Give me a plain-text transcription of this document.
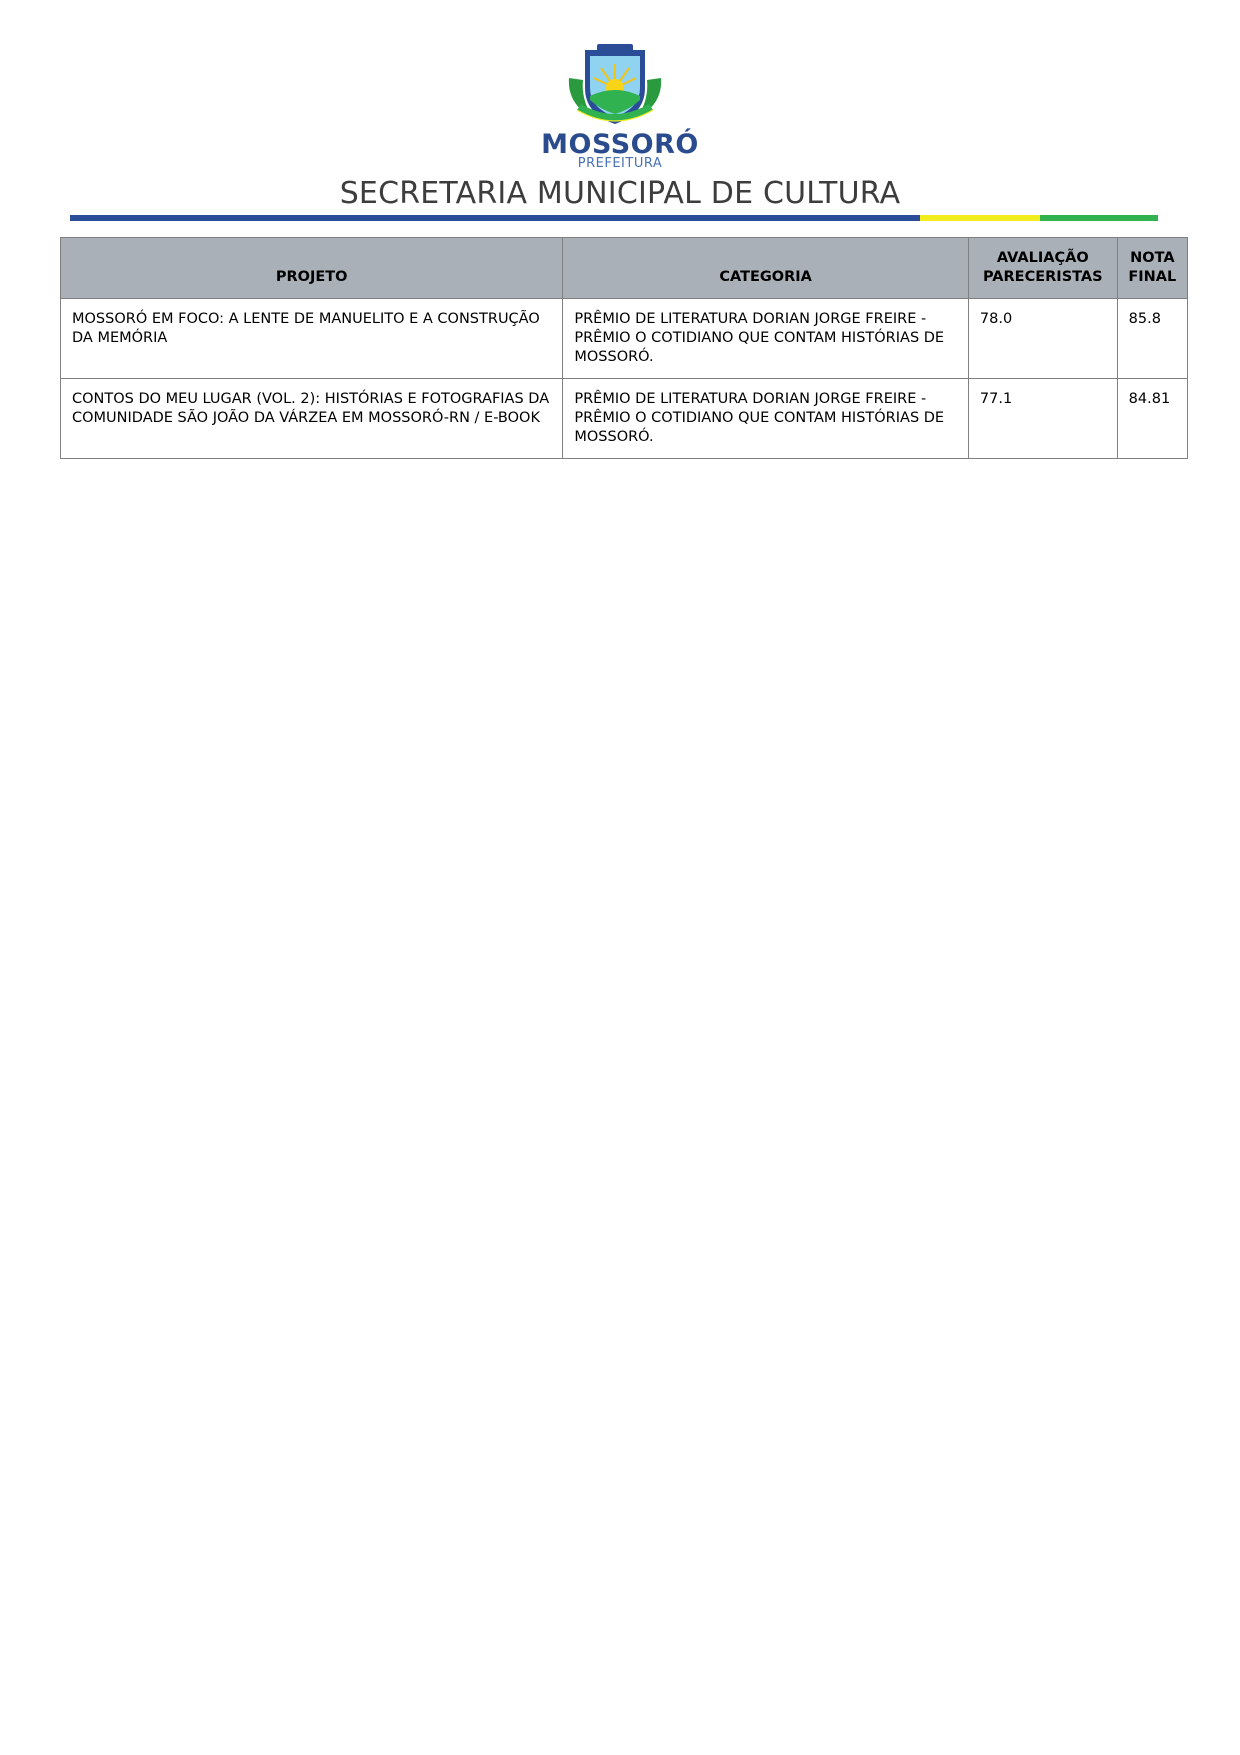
MOSSORÓ
PREFEITURA
SECRETARIA MUNICIPAL DE CULTURA
PROJETO	CATEGORIA	AVALIAÇÃO PARECERISTAS	NOTA FINAL
MOSSORÓ EM FOCO: A LENTE DE MANUELITO E A CONSTRUÇÃO DA MEMÓRIA	PRÊMIO DE LITERATURA DORIAN JORGE FREIRE - PRÊMIO O COTIDIANO QUE CONTAM HISTÓRIAS DE MOSSORÓ.	78.0	85.8
CONTOS DO MEU LUGAR (VOL. 2): HISTÓRIAS E FOTOGRAFIAS DA COMUNIDADE SÃO JOÃO DA VÁRZEA EM MOSSORÓ-RN / E-BOOK	PRÊMIO DE LITERATURA DORIAN JORGE FREIRE - PRÊMIO O COTIDIANO QUE CONTAM HISTÓRIAS DE MOSSORÓ.	77.1	84.81
